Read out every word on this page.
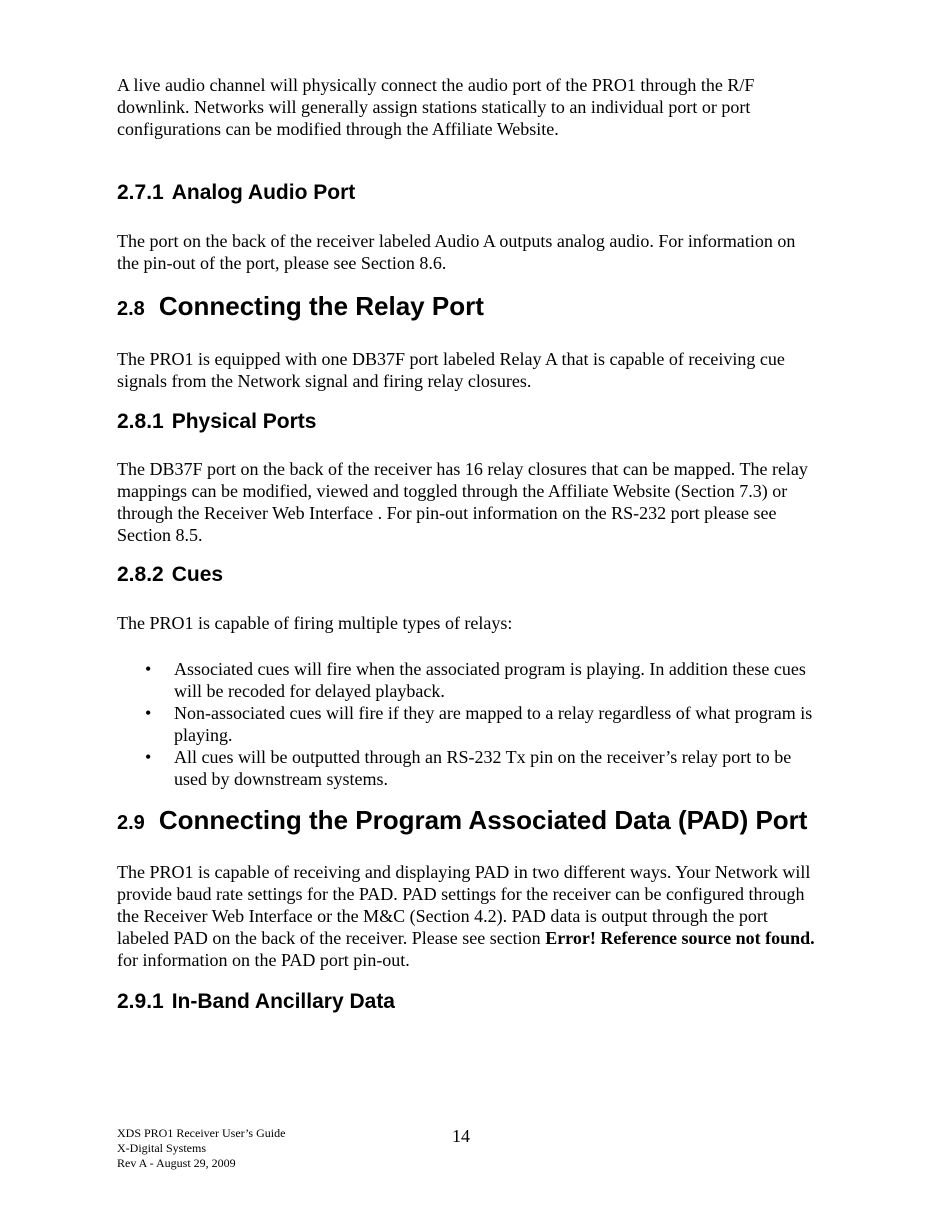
A live audio channel will physically connect the audio port of the PRO1 through the R/F downlink. Networks will generally assign stations statically to an individual port or port configurations can be modified through the Affiliate Website.

2.7.1 Analog Audio Port

The port on the back of the receiver labeled Audio A outputs analog audio. For information on the pin-out of the port, please see Section 8.6.

2.8 Connecting the Relay Port

The PRO1 is equipped with one DB37F port labeled Relay A that is capable of receiving cue signals from the Network signal and firing relay closures.

2.8.1 Physical Ports

The DB37F port on the back of the receiver has 16 relay closures that can be mapped. The relay mappings can be modified, viewed and toggled through the Affiliate Website (Section 7.3) or through the Receiver Web Interface . For pin-out information on the RS-232 port please see Section 8.5.

2.8.2 Cues

The PRO1 is capable of firing multiple types of relays:

• Associated cues will fire when the associated program is playing. In addition these cues will be recoded for delayed playback.
• Non-associated cues will fire if they are mapped to a relay regardless of what program is playing.
• All cues will be outputted through an RS-232 Tx pin on the receiver’s relay port to be used by downstream systems.
2.9 Connecting the Program Associated Data (PAD) Port

The PRO1 is capable of receiving and displaying PAD in two different ways. Your Network will provide baud rate settings for the PAD. PAD settings for the receiver can be configured through the Receiver Web Interface or the M&C (Section 4.2). PAD data is output through the port labeled PAD on the back of the receiver. Please see section Error! Reference source not found. for information on the PAD port pin-out.

2.9.1 In-Band Ancillary Data
XDS PRO1 Receiver User’s Guide
X-Digital Systems
Rev A - August 29, 2009
14
